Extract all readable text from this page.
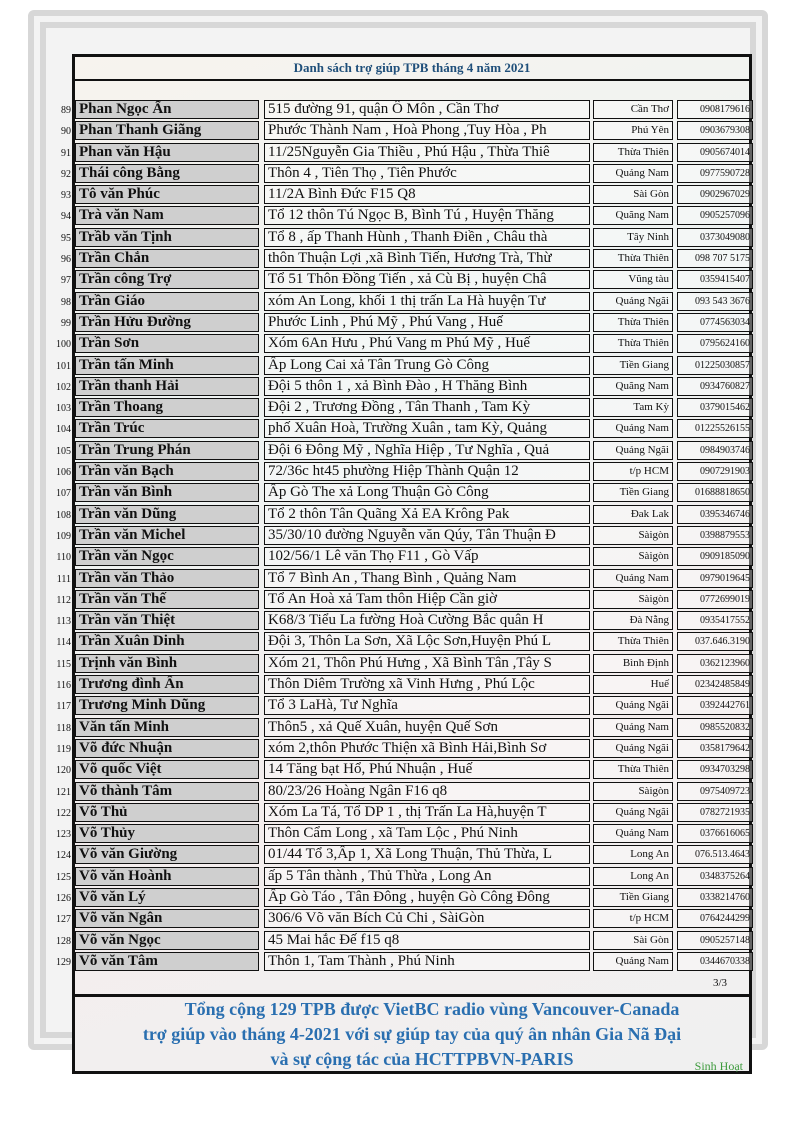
Danh sách trợ giúp TPB tháng 4 năm 2021
89 Phan Ngọc Ẩn	515 đường 91, quận Ô Môn , Cần Thơ	Cần Thơ	0908179616
90 Phan Thanh Giãng	Phước Thành Nam , Hoà Phong ,Tuy Hòa , Ph	Phú Yên	0903679308
91 Phan văn Hậu	11/25Nguyễn Gia Thiều , Phú Hậu , Thừa Thiê	Thừa Thiên	0905674014
92 Thái công Bằng	Thôn 4 , Tiên Thọ , Tiên Phước	Quảng Nam	0977590728
93 Tô văn Phúc	11/2A Bình Đức F15 Q8	Sài Gòn	0902967029
94 Trà văn Nam	Tổ 12 thôn Tú Ngọc B, Bình Tú , Huyện Thăng	Quãng Nam	0905257096
95 Trầb văn Tịnh	Tổ 8 , ấp Thanh Hùnh , Thanh Điền , Châu thà	Tây Ninh	0373049080
96 Trần Chắn	thôn Thuận Lợi ,xã Bình Tiến, Hương Trà, Thừ	Thừa Thiên	098 707 5175
97 Trần công Trợ	Tổ 51 Thôn Đồng Tiến , xả Cù Bị , huyện Châ	Vũng tàu	0359415407
98 Trần Giáo	xóm An Long, khối 1 thị trấn La Hà huyện Tư	Quảng Ngãi	093 543 3676
99 Trần Hửu Đường	Phước Linh , Phú Mỹ , Phú Vang , Huế	Thừa Thiên	0774563034
100 Trần Sơn	Xóm 6An Hưu , Phú Vang m Phú Mỹ , Huế	Thừa Thiên	0795624160
101 Trần tấn Minh	Ấp Long Cai xả Tân Trung Gò Công	Tiền Giang	01225030857
102 Trần thanh Hải	Đội 5 thôn 1 , xả Bình Đào , H Thăng Bình	Quãng Nam	0934760827
103 Trần Thoang	Đội 2 , Trương Đồng , Tân Thanh , Tam Kỳ	Tam Kỳ	0379015462
104 Trần Trúc	phố Xuân Hoà, Trường Xuân , tam Kỳ, Quảng	Quảng Nam	01225526155
105 Trần Trung Phán	Đội 6 Đông Mỹ , Nghĩa Hiệp , Tư Nghĩa , Quả	Quảng Ngãi	0984903746
106 Trần văn Bạch	72/36c ht45 phường Hiệp Thành Quận 12	t/p HCM	0907291903
107 Trần văn Bình	Ấp Gò The xả Long Thuận Gò Công	Tiền Giang	01688818650
108 Trần văn Dũng	Tổ 2 thôn Tân Quãng Xả EA Krông Pak	Đak Lak	0395346746
109 Trần văn Michel	35/30/10 đường Nguyễn văn Qúy, Tân Thuận Đ	Sàigòn	0398879553
110 Trần văn Ngọc	102/56/1 Lê văn Thọ F11 , Gò Vấp	Sàigòn	0909185090
111 Trần văn Thảo	Tổ 7 Bình An , Thang Bình , Quảng Nam	Quảng Nam	0979019645
112 Trần văn Thế	Tổ An Hoà xả Tam thôn Hiệp Cần giờ	Sàigòn	0772699019
113 Trần văn Thiệt	K68/3 Tiểu La fường Hoà Cường Bắc quân H	Đà Nẵng	0935417552
114 Trần Xuân Dinh	Đội 3, Thôn La Sơn, Xã Lộc Sơn,Huyện Phú L	Thừa Thiên	037.646.3190
115 Trịnh văn Bình	Xóm 21, Thôn Phú Hưng , Xã Bình Tân ,Tây S	Bình Định	0362123960
116 Trương đình Ấn	Thôn Diêm Trường xã Vinh Hưng , Phú Lộc	Huế	02342485849
117 Trương Minh Dũng	Tổ 3 LaHà, Tư Nghĩa	Quảng Ngãi	0392442761
118 Văn tấn Minh	Thôn5 , xả Quế Xuân, huyện Quế Sơn	Quảng Nam	0985520832
119 Võ đức Nhuận	xóm 2,thôn Phước Thiện xã Bình Hải,Bình Sơ	Quảng Ngãi	0358179642
120 Võ quốc Việt	14 Tăng bạt Hổ, Phú Nhuận , Huế	Thừa Thiên	0934703298
121 Võ thành Tâm	80/23/26 Hoàng Ngân F16 q8	Sàigòn	0975409723
122 Võ Thủ	Xóm La Tá, Tổ DP 1 , thị Trấn La Hà,huyện T	Quảng Ngãi	0782721935
123 Võ Thủy	Thôn Cẩm Long , xã Tam Lộc , Phú Ninh	Quảng Nam	0376616065
124 Võ văn Giường	01/44 Tổ 3,Ấp 1, Xã Long Thuận, Thủ Thừa, L	Long An	076.513.4643
125 Võ văn Hoành	ấp 5 Tân thành , Thủ Thừa , Long An	Long An	0348375264
126 Võ văn Lý	Ấp Gò Táo , Tân Đông , huyện Gò Công Đông	Tiền Giang	0338214760
127 Võ văn Ngân	306/6 Võ văn Bích Củ Chi , SàiGòn	t/p HCM	0764244299
128 Võ văn Ngọc	45 Mai hắc Đế f15 q8	Sài Gòn	0905257148
129 Võ văn Tâm	Thôn 1, Tam Thành , Phú Ninh	Quảng Nam	0344670338
3/3
Tổng cộng 129 TPB được VietBC radio vùng Vancouver-Canada
trợ giúp vào tháng 4-2021 với sự giúp tay của quý ân nhân Gia Nã Đại
và sự cộng tác của HCTTPBVN-PARIS	Sinh Hoạt
